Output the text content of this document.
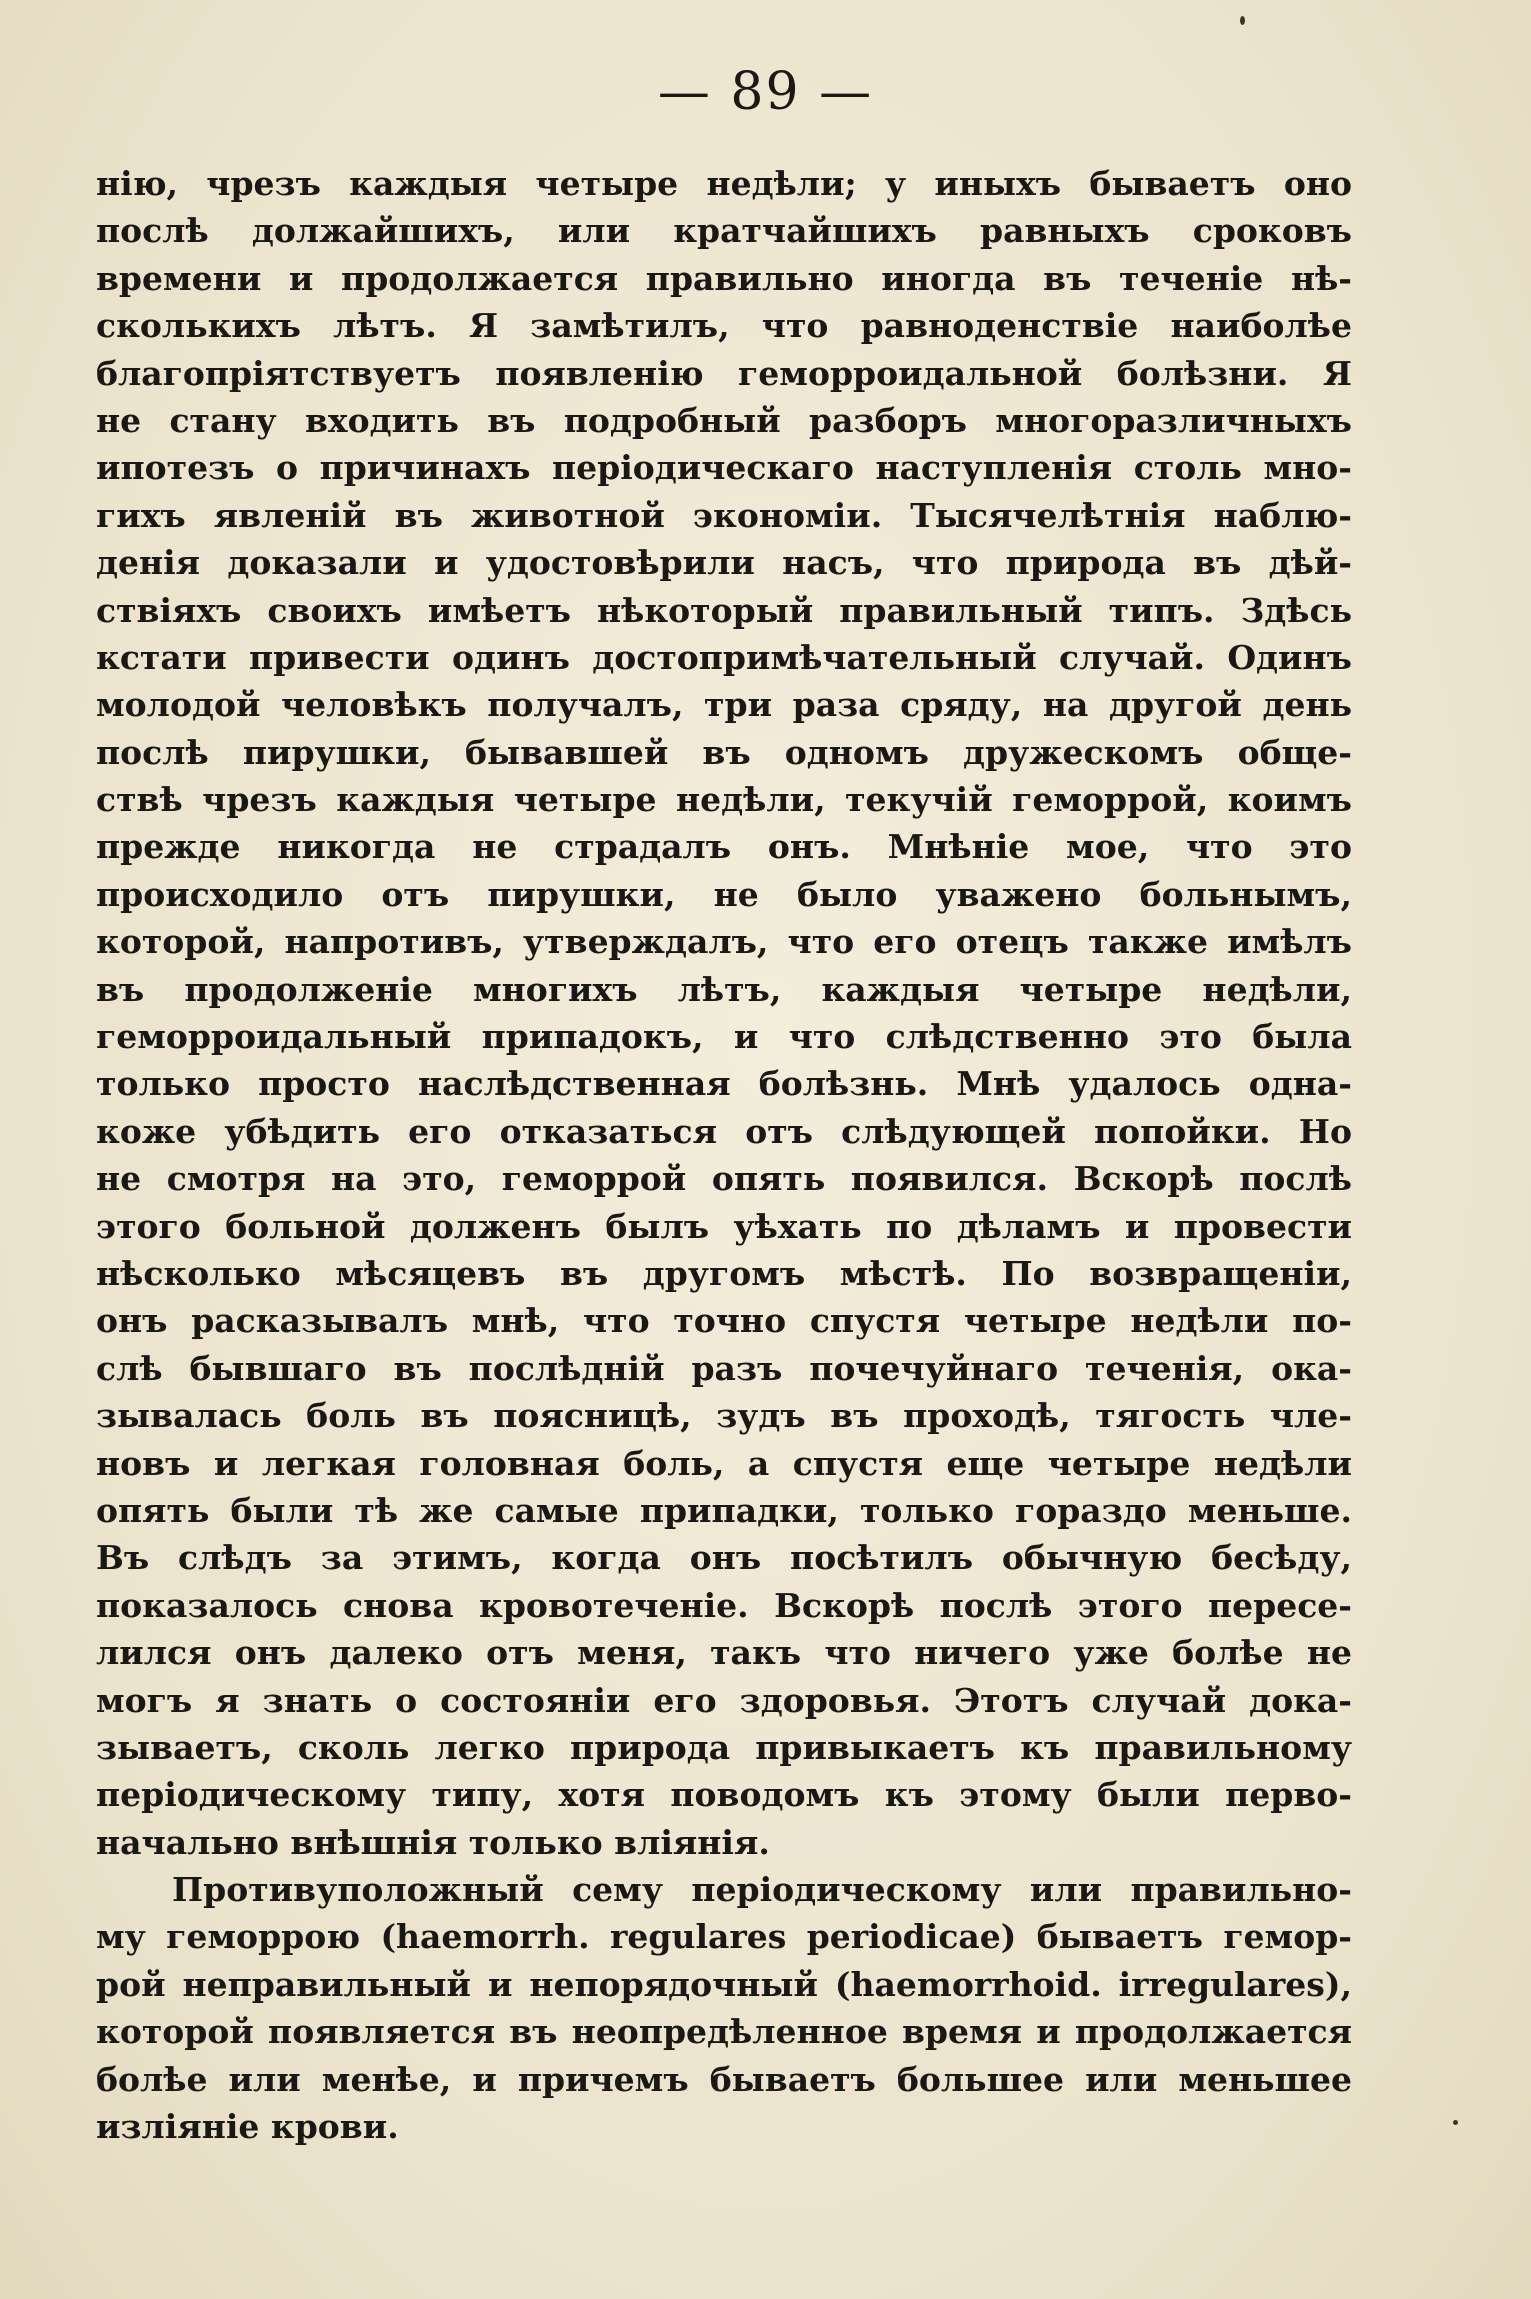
— 89 —
нію, чрезъ каждыя четыре недѣли; у иныхъ бываетъ оно
послѣ должайшихъ, или кратчайшихъ равныхъ сроковъ
времени и продолжается правильно иногда въ теченіе нѣ-
сколькихъ лѣтъ. Я замѣтилъ, что равноденствіе наиболѣе
благопріятствуетъ появленію геморроидальной болѣзни. Я
не стану входить въ подробный разборъ многоразличныхъ
ипотезъ о причинахъ періодическаго наступленія столь мно-
гихъ явленій въ животной экономіи. Тысячелѣтнія наблю-
денія доказали и удостовѣрили насъ, что природа въ дѣй-
ствіяхъ своихъ имѣетъ нѣкоторый правильный типъ. Здѣсь
кстати привести одинъ достопримѣчательный случай. Одинъ
молодой человѣкъ получалъ, три раза сряду, на другой день
послѣ пирушки, бывавшей въ одномъ дружескомъ обще-
ствѣ чрезъ каждыя четыре недѣли, текучій геморрой, коимъ
прежде никогда не страдалъ онъ. Мнѣніе мое, что это
происходило отъ пирушки, не было уважено больнымъ,
которой, напротивъ, утверждалъ, что его отецъ также имѣлъ
въ продолженіе многихъ лѣтъ, каждыя четыре недѣли,
геморроидальный припадокъ, и что слѣдственно это была
только просто наслѣдственная болѣзнь. Мнѣ удалось одна-
коже убѣдить его отказаться отъ слѣдующей попойки. Но
не смотря на это, геморрой опять появился. Вскорѣ послѣ
этого больной долженъ былъ уѣхать по дѣламъ и провести
нѣсколько мѣсяцевъ въ другомъ мѣстѣ. По возвращеніи,
онъ расказывалъ мнѣ, что точно спустя четыре недѣли по-
слѣ бывшаго въ послѣдній разъ почечуйнаго теченія, ока-
зывалась боль въ поясницѣ, зудъ въ проходѣ, тягость чле-
новъ и легкая головная боль, а спустя еще четыре недѣли
опять были тѣ же самые припадки, только гораздо меньше.
Въ слѣдъ за этимъ, когда онъ посѣтилъ обычную бесѣду,
показалось снова кровотеченіе. Вскорѣ послѣ этого пересе-
лился онъ далеко отъ меня, такъ что ничего уже болѣе не
могъ я знать о состояніи его здоровья. Этотъ случай дока-
зываетъ, сколь легко природа привыкаетъ къ правильному
періодическому типу, хотя поводомъ къ этому были перво-
начально внѣшнія только вліянія.
Противуположный сему періодическому или правильно-
му геморрою (haemorrh. regulares periodicae) бываетъ гемор-
рой неправильный и непорядочный (haemorrhoid. irregulares),
которой появляется въ неопредѣленное время и продолжается
болѣе или менѣе, и причемъ бываетъ большее или меньшее
изліяніе крови.
